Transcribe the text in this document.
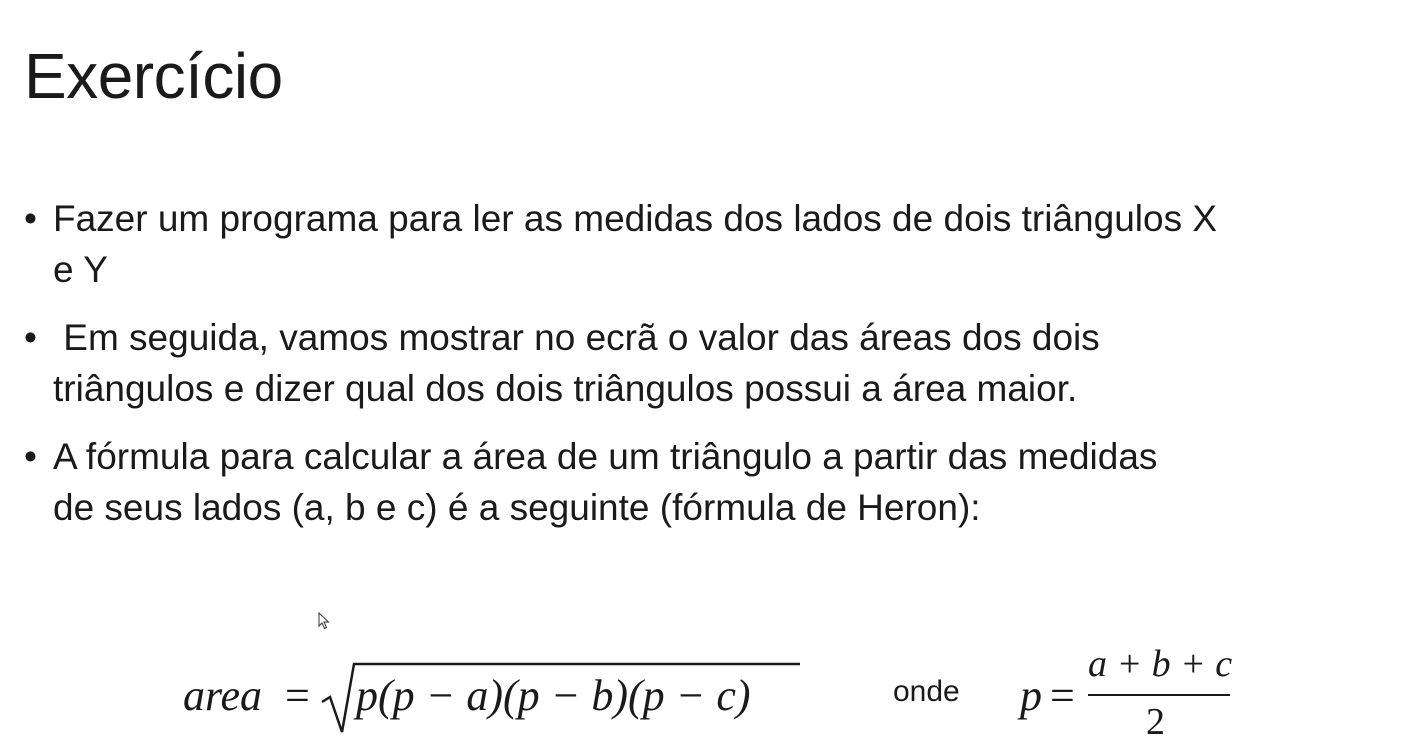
Exercício
• Fazer um programa para ler as medidas dos lados de dois triângulos X
e Y
• Em seguida, vamos mostrar no ecrã o valor das áreas dos dois
triângulos e dizer qual dos dois triângulos possui a área maior.
• A fórmula para calcular a área de um triângulo a partir das medidas
de seus lados (a, b e c) é a seguinte (fórmula de Heron):
area = p(p − a)(p − b)(p − c)	onde p =
a + b + c
2
